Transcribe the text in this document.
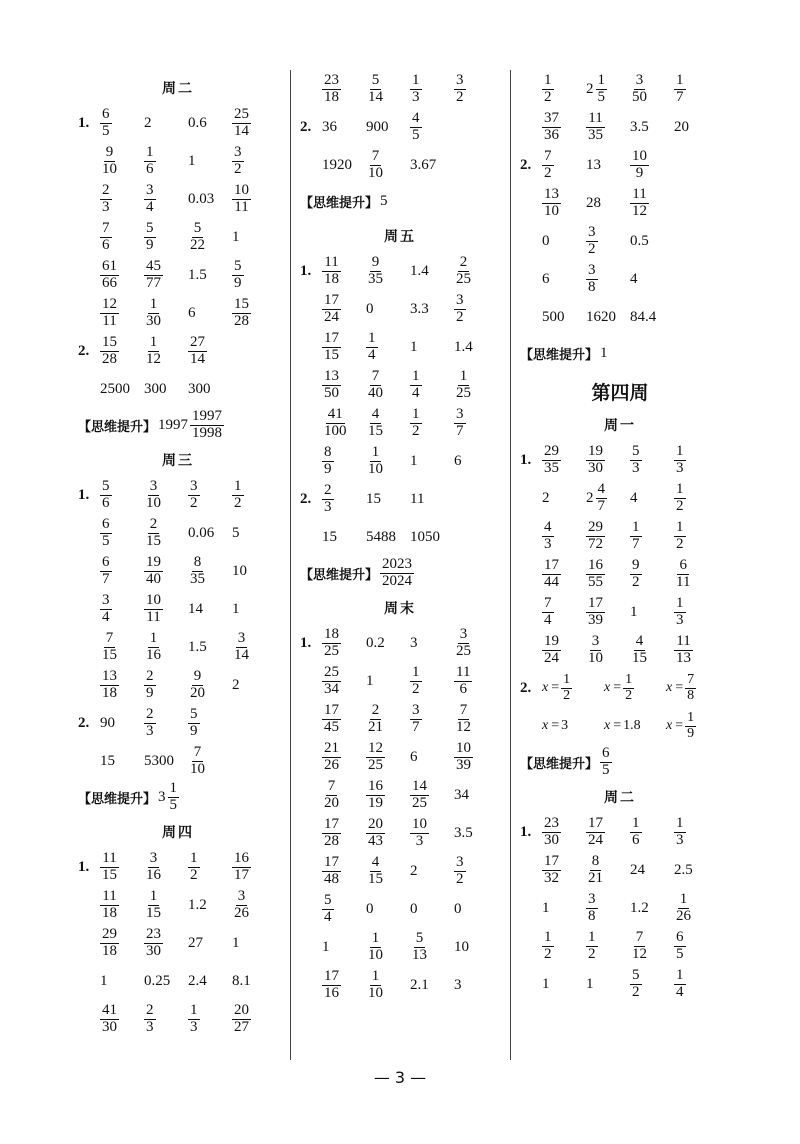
周二
1. $\frac{6}{5} 2$ $0.6 \frac{25}{14}$
$\frac{9}{10} \frac{1}{6} 1 \frac{3}{2}$
$\frac{2}{3} \frac{3}{4} 0.03 \frac{10}{11}$
$\frac{7}{6} \frac{5}{9} \frac{5}{22} 1$
$\frac{61}{66} \frac{45}{77} 1.5 \frac{5}{9}$
$\frac{12}{11} \frac{1}{30} 6 \frac{15}{28}$
2. $\frac{15}{28} \frac{1}{12} \frac{27}{14}$
2500 300 300
【思维提升】 $1997 \frac{1997}{1998}$
周三
1. $\frac{5}{6} \frac{3}{10} \frac{3}{2} \frac{1}{2}$
$\frac{6}{5} \frac{2}{15} 0.06$ 5
$\frac{6}{7} \frac{19}{40} \frac{8}{35} 10$
$\frac{3}{4} \frac{10}{11} 14$ 1
$\frac{7}{15} \frac{1}{16} 1.5 \frac{3}{14}$
$\frac{13}{18} \frac{2}{9} \frac{9}{20} 2$
2. $90 \frac{2}{3} \frac{5}{9}$
15 $5300 \frac{7}{10}$
【思维提升】 $3 \frac{1}{5}$
周四
1. $\frac{11}{15} \frac{3}{16} \frac{1}{2} \frac{16}{17}$
$\frac{11}{18} \frac{1}{15} 1.2 \frac{3}{26}$
$\frac{29}{18} \frac{23}{30} 27$ 1
1 0.25 2.4 8.1
$\frac{41}{30} \frac{2}{3} \frac{1}{3} \frac{20}{27}$
$\frac{23}{18} \frac{5}{14} \frac{1}{3} \frac{3}{2}$
2. 36 $900 \frac{4}{5}$
$1920 \frac{7}{10} 3.67$
【思维提升】 5
周五
1. $\frac{11}{18} \frac{9}{35} 1.4 \frac{2}{25}$
$\frac{17}{24} 0$ $3.3 \frac{3}{2}$
$\frac{17}{15} \frac{1}{4} 1$ 1.4
$\frac{13}{50} \frac{7}{40} \frac{1}{4} \frac{1}{25}$
$\frac{41}{100} \frac{4}{15} \frac{1}{2} \frac{3}{7}$
$\frac{8}{9} \frac{1}{10} 1$ 6
2. $\frac{2}{3} 15$ 11
15 5488 1050
【思维提升】 $\frac{2023}{2024}$
周末
1. $\frac{18}{25} 0.2$ $3 \frac{3}{25}$
$\frac{25}{34} 1 \frac{1}{2} \frac{11}{6}$
$\frac{17}{45} \frac{2}{21} \frac{3}{7} \frac{7}{12}$
$\frac{21}{26} \frac{12}{25} 6 \frac{10}{39}$
$\frac{7}{20} \frac{16}{19} \frac{14}{25} 34$
$\frac{17}{28} \frac{20}{43} \frac{10}{3} 3.5$
$\frac{17}{48} \frac{4}{15} 2 \frac{3}{2}$
$\frac{5}{4} 0$ 0 0
$1 \frac{1}{10} \frac{5}{13} 10$
$\frac{17}{16} \frac{1}{10} 2.1$ 3
$\frac{1}{2} 2 \frac{1}{5} \frac{3}{50} \frac{1}{7}$
$\frac{37}{36} \frac{11}{35} 3.5$ 20
2. $\frac{7}{2} 13 \frac{10}{9}$
$\frac{13}{10} 28 \frac{11}{12}$
$0 \frac{3}{2} 0.5$
$6 \frac{3}{8} 4$
500 1620 84.4
【思维提升】 1
第四周
周一
1. $\frac{29}{35} \frac{19}{30} \frac{5}{3} \frac{1}{3}$
2 $2 \frac{4}{7} 4 \frac{1}{2}$
$\frac{4}{3} \frac{29}{72} \frac{1}{7} \frac{1}{2}$
$\frac{17}{44} \frac{16}{55} \frac{9}{2} \frac{6}{11}$
$\frac{7}{4} \frac{17}{39} 1 \frac{1}{3}$
$\frac{19}{24} \frac{3}{10} \frac{4}{15} \frac{11}{13}$
2. $x = \frac{1}{2}$ $x = \frac{1}{2}$ $x = \frac{7}{8}$
x = 3	x = 1.8 $x = \frac{1}{9}$
【思维提升】 $\frac{6}{5}$
周二
1. $\frac{23}{30} \frac{17}{24} \frac{1}{6} \frac{1}{3}$
$\frac{17}{32} \frac{8}{21} 24$ 2.5
$1 \frac{3}{8} 1.2 \frac{1}{26}$
$\frac{1}{2} \frac{1}{2} \frac{7}{12} \frac{6}{5}$
1 $1 \frac{5}{2} \frac{1}{4}$
— 3 —
